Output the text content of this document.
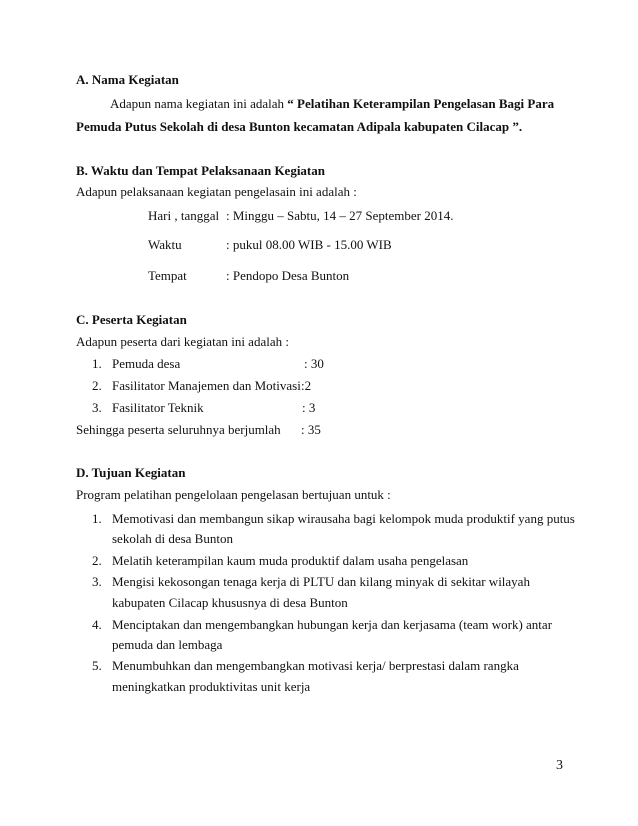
A. Nama Kegiatan
Adapun nama kegiatan ini adalah “ Pelatihan Keterampilan Pengelasan Bagi Para
Pemuda Putus Sekolah di desa Bunton kecamatan Adipala kabupaten Cilacap ”.
B. Waktu dan Tempat Pelaksanaan Kegiatan
Adapun pelaksanaan kegiatan pengelasain ini adalah :
Hari , tanggal : Minggu – Sabtu, 14 – 27 September 2014.
Waktu	: pukul 08.00 WIB - 15.00 WIB
Tempat	: Pendopo Desa Bunton
C. Peserta Kegiatan
Adapun peserta dari kegiatan ini adalah :
1. Pemuda desa	: 30
2. Fasilitator Manajemen dan Motivasi :2
3. Fasilitator Teknik	: 3
Sehingga peserta seluruhnya berjumlah : 35
D. Tujuan Kegiatan
Program pelatihan pengelolaan pengelasan bertujuan untuk :
1. Memotivasi dan membangun sikap wirausaha bagi kelompok muda produktif yang putus
sekolah di desa Bunton
2. Melatih keterampilan kaum muda produktif dalam usaha pengelasan
3. Mengisi kekosongan tenaga kerja di PLTU dan kilang minyak di sekitar wilayah
kabupaten Cilacap khususnya di desa Bunton
4. Menciptakan dan mengembangkan hubungan kerja dan kerjasama (team work) antar
pemuda dan lembaga
5. Menumbuhkan dan mengembangkan motivasi kerja/ berprestasi dalam rangka
meningkatkan produktivitas unit kerja
3
